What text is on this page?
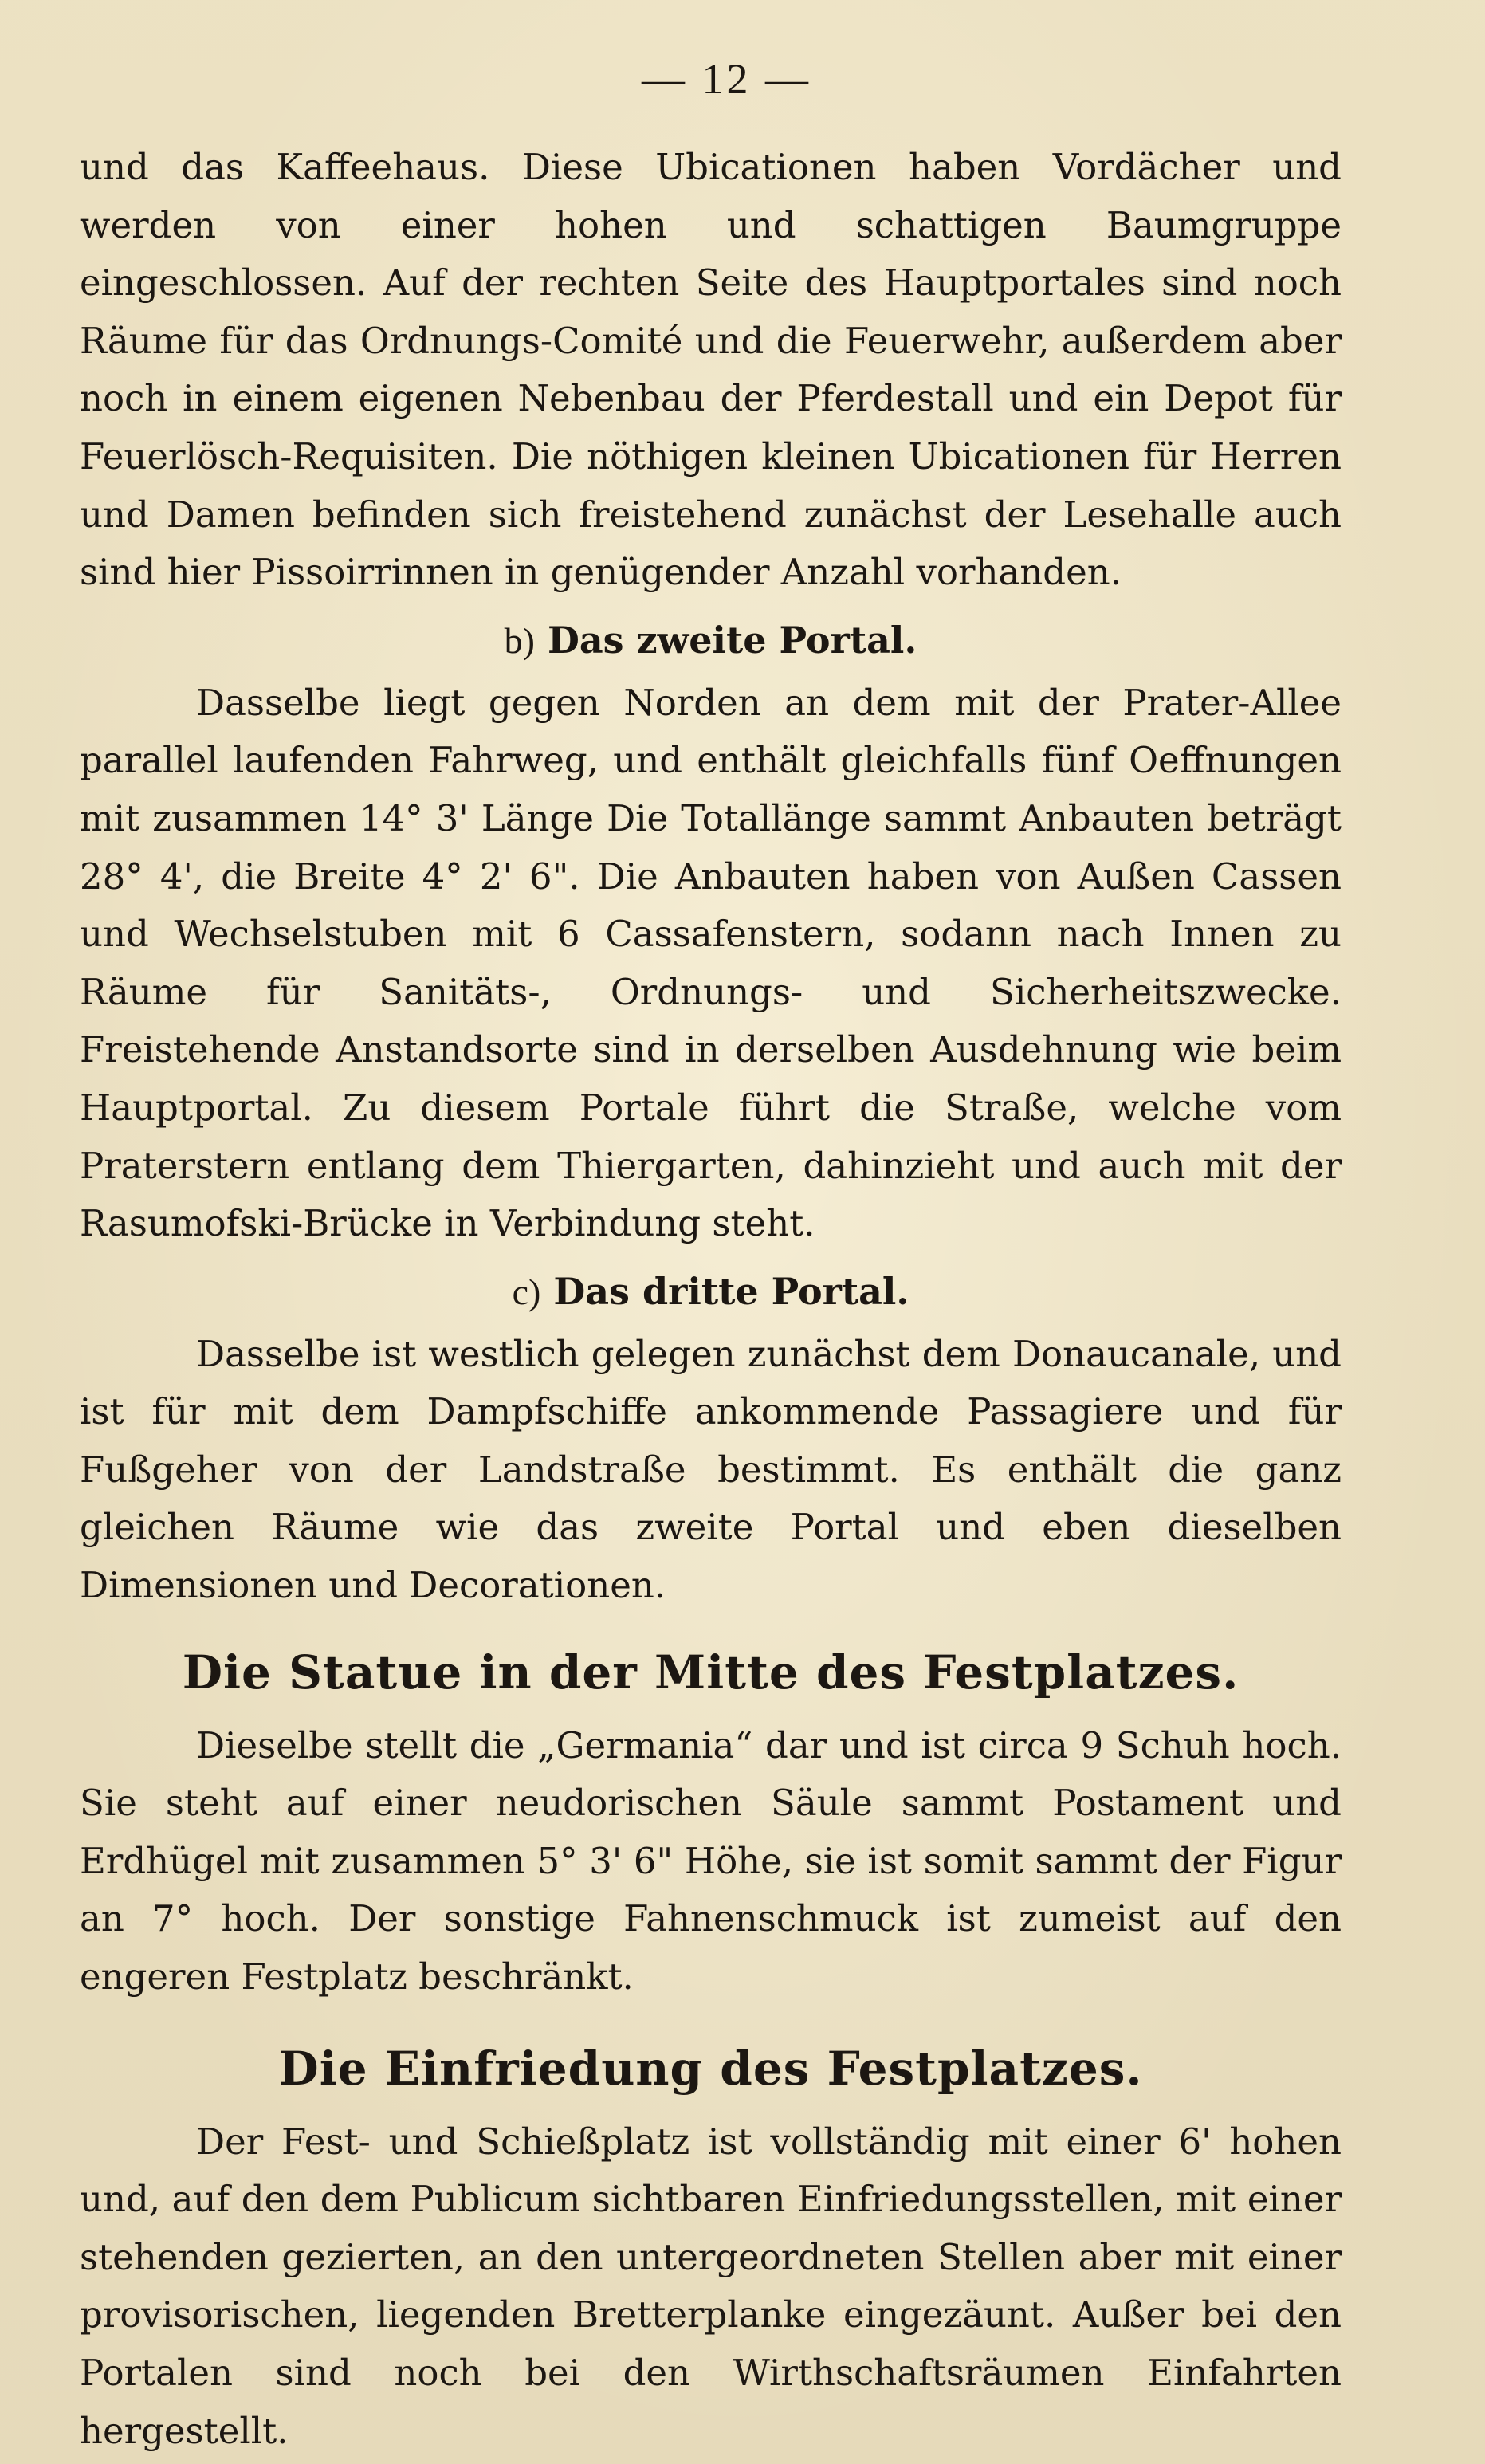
— 12 —

und das Kaffeehaus. Diese Ubicationen haben Vordächer und werden von einer hohen und schattigen Baumgruppe eingeschlossen. Auf der rechten Seite des Hauptportales sind noch Räume für das Ordnungs-Comité und die Feuerwehr, außerdem aber noch in einem eigenen Nebenbau der Pferdestall und ein Depot für Feuerlösch-Requisiten. Die nöthigen kleinen Ubicationen für Herren und Damen befinden sich freistehend zunächst der Lesehalle auch sind hier Pissoirrinnen in genügender Anzahl vorhanden.

b) Das zweite Portal.

Dasselbe liegt gegen Norden an dem mit der Prater-Allee parallel laufenden Fahrweg, und enthält gleichfalls fünf Oeffnungen mit zusammen 14° 3' Länge Die Totallänge sammt Anbauten beträgt 28° 4', die Breite 4° 2' 6". Die Anbauten haben von Außen Cassen und Wechselstuben mit 6 Cassafenstern, sodann nach Innen zu Räume für Sanitäts-, Ordnungs- und Sicherheitszwecke. Freistehende Anstandsorte sind in derselben Ausdehnung wie beim Hauptportal. Zu diesem Portale führt die Straße, welche vom Praterstern entlang dem Thiergarten, dahinzieht und auch mit der Rasumofski-Brücke in Verbindung steht.

c) Das dritte Portal.

Dasselbe ist westlich gelegen zunächst dem Donaucanale, und ist für mit dem Dampfschiffe ankommende Passagiere und für Fußgeher von der Landstraße bestimmt. Es enthält die ganz gleichen Räume wie das zweite Portal und eben dieselben Dimensionen und Decorationen.

Die Statue in der Mitte des Festplatzes.

Dieselbe stellt die „Germania“ dar und ist circa 9 Schuh hoch. Sie steht auf einer neudorischen Säule sammt Postament und Erdhügel mit zusammen 5° 3' 6" Höhe, sie ist somit sammt der Figur an 7° hoch. Der sonstige Fahnenschmuck ist zumeist auf den engeren Festplatz beschränkt.

Die Einfriedung des Festplatzes.

Der Fest- und Schießplatz ist vollständig mit einer 6' hohen und, auf den dem Publicum sichtbaren Einfriedungsstellen, mit einer stehenden gezierten, an den untergeordneten Stellen aber mit einer provisorischen, liegenden Bretterplanke eingezäunt. Außer bei den Portalen sind noch bei den Wirthschaftsräumen Einfahrten hergestellt.
